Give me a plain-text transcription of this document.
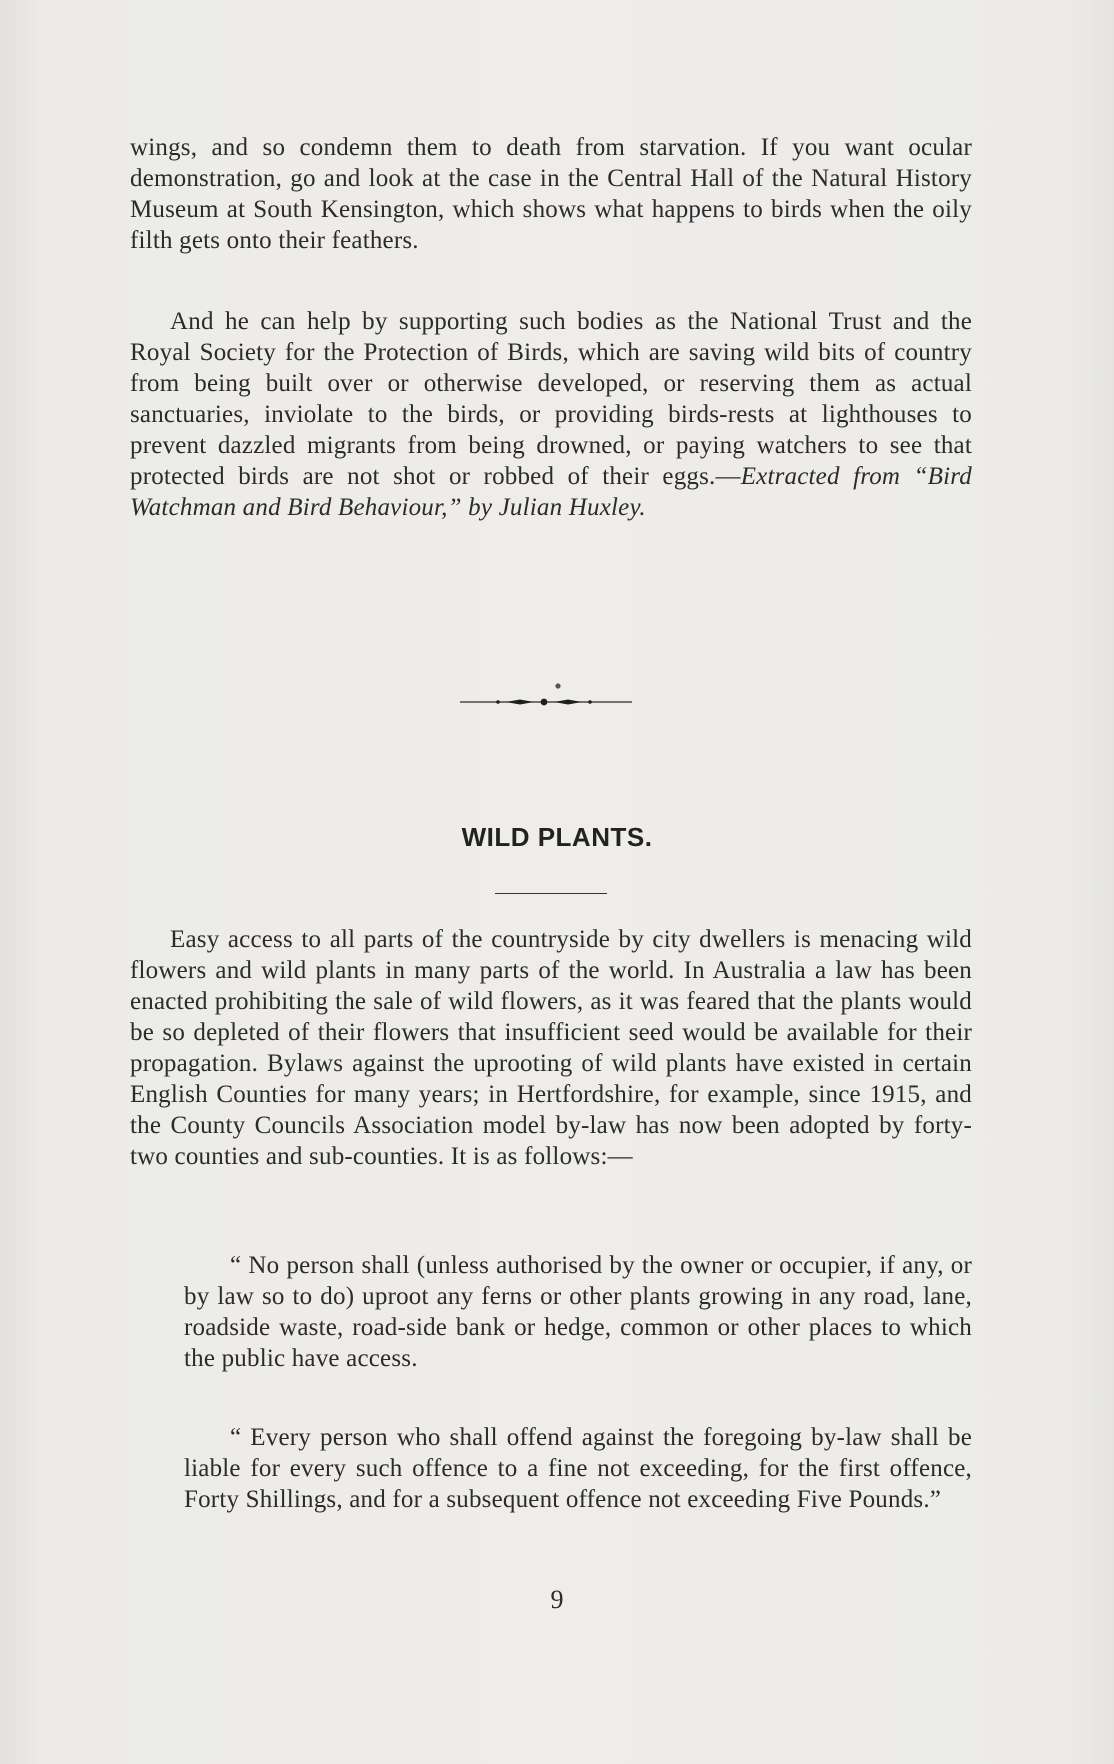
wings, and so condemn them to death from starvation. If you want ocular demonstration, go and look at the case in the Central Hall of the Natural History Museum at South Kensington, which shows what happens to birds when the oily filth gets onto their feathers.

And he can help by supporting such bodies as the National Trust and the Royal Society for the Protection of Birds, which are saving wild bits of country from being built over or otherwise developed, or reserving them as actual sanctuaries, inviolate to the birds, or providing birds-rests at lighthouses to prevent dazzled migrants from being drowned, or paying watchers to see that protected birds are not shot or robbed of their eggs.—Extracted from “Bird Watchman and Bird Behaviour,” by Julian Huxley.

WILD PLANTS.

Easy access to all parts of the countryside by city dwellers is menacing wild flowers and wild plants in many parts of the world. In Australia a law has been enacted prohibiting the sale of wild flowers, as it was feared that the plants would be so depleted of their flowers that insufficient seed would be available for their propagation. Bylaws against the uprooting of wild plants have existed in certain English Counties for many years; in Hertfordshire, for example, since 1915, and the County Councils Association model by-law has now been adopted by forty-two counties and sub-counties. It is as follows:—

“ No person shall (unless authorised by the owner or occupier, if any, or by law so to do) uproot any ferns or other plants growing in any road, lane, roadside waste, road-side bank or hedge, common or other places to which the public have access.

“ Every person who shall offend against the foregoing by-law shall be liable for every such offence to a fine not exceeding, for the first offence, Forty Shillings, and for a subsequent offence not exceeding Five Pounds.”

9
